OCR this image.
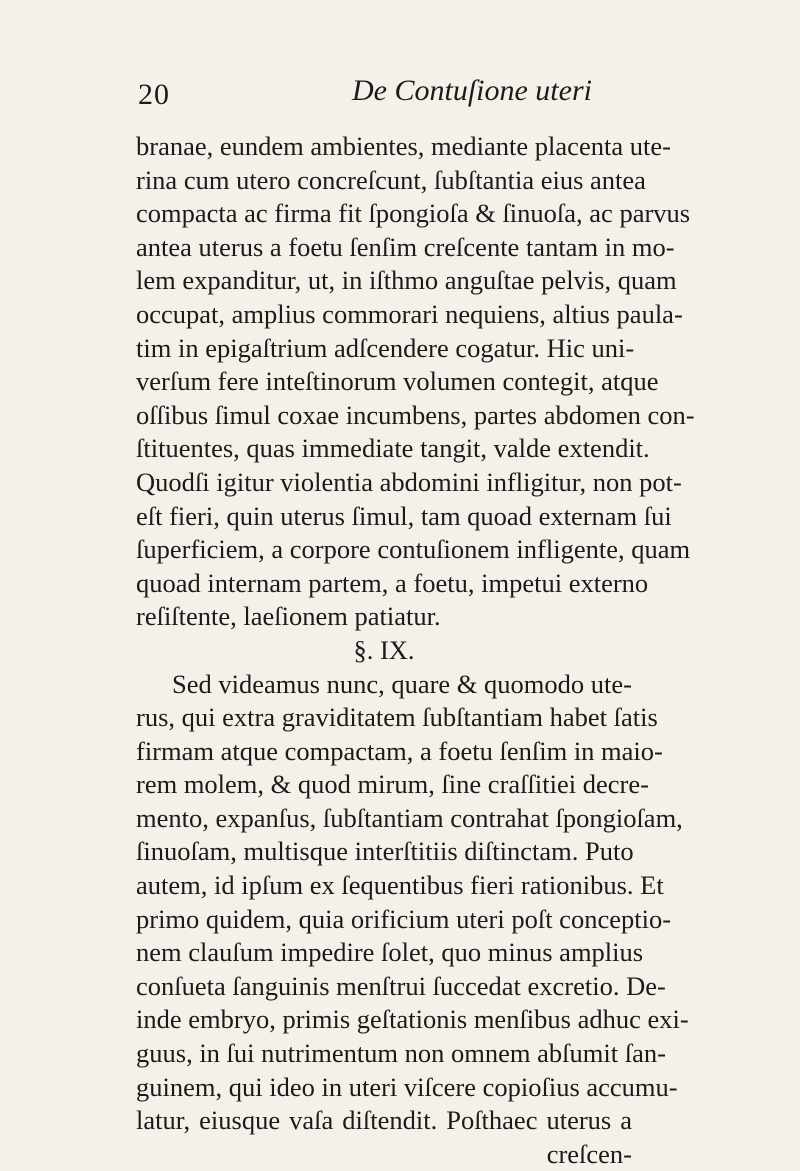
20	De Contuſione uteri
branae, eundem ambientes, mediante placenta ute-
rina cum utero concreſcunt, ſubſtantia eius antea
compacta ac firma fit ſpongioſa & ſinuoſa, ac parvus
antea uterus a foetu ſenſim creſcente tantam in mo-
lem expanditur, ut, in iſthmo anguſtae pelvis, quam
occupat, amplius commorari nequiens, altius paula-
tim in epigaſtrium adſcendere cogatur. Hic uni-
verſum fere inteſtinorum volumen contegit, atque
oſſibus ſimul coxae incumbens, partes abdomen con-
ſtituentes, quas immediate tangit, valde extendit.
Quodſi igitur violentia abdomini infligitur, non pot-
eſt fieri, quin uterus ſimul, tam quoad externam ſui
ſuperficiem, a corpore contuſionem infligente, quam
quoad internam partem, a foetu, impetui externo
reſiſtente, laeſionem patiatur.
§. IX.
Sed videamus nunc, quare & quomodo ute-
rus, qui extra graviditatem ſubſtantiam habet ſatis
firmam atque compactam, a foetu ſenſim in maio-
rem molem, & quod mirum, ſine craſſitiei decre-
mento, expanſus, ſubſtantiam contrahat ſpongioſam,
ſinuoſam, multisque interſtitiis diſtinctam. Puto
autem, id ipſum ex ſequentibus fieri rationibus. Et
primo quidem, quia orificium uteri poſt conceptio-
nem clauſum impedire ſolet, quo minus amplius
conſueta ſanguinis menſtrui ſuccedat excretio. De-
inde embryo, primis geſtationis menſibus adhuc exi-
guus, in ſui nutrimentum non omnem abſumit ſan-
guinem, qui ideo in uteri viſcere copioſius accumu-
latur, eiusque vaſa diſtendit. Poſthaec uterus a
creſcen-
